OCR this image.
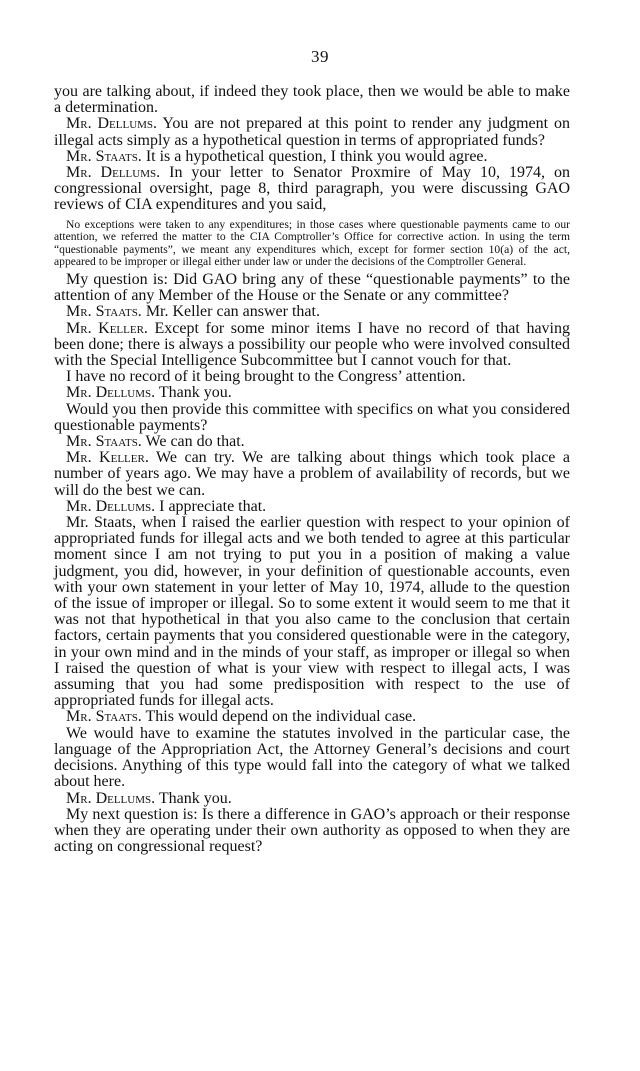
39

you are talking about, if indeed they took place, then we would be able to make a determination.

Mr. Dellums. You are not prepared at this point to render any judgment on illegal acts simply as a hypothetical question in terms of appropriated funds?

Mr. Staats. It is a hypothetical question, I think you would agree.

Mr. Dellums. In your letter to Senator Proxmire of May 10, 1974, on congressional oversight, page 8, third paragraph, you were discussing GAO reviews of CIA expenditures and you said,

No exceptions were taken to any expenditures; in those cases where questionable payments came to our attention, we referred the matter to the CIA Comptroller’s Office for corrective action. In using the term “questionable payments”, we meant any expenditures which, except for former section 10(a) of the act, appeared to be improper or illegal either under law or under the decisions of the Comptroller General.

My question is: Did GAO bring any of these “questionable payments” to the attention of any Member of the House or the Senate or any committee?

Mr. Staats. Mr. Keller can answer that.

Mr. Keller. Except for some minor items I have no record of that having been done; there is always a possibility our people who were involved consulted with the Special Intelligence Subcommittee but I cannot vouch for that.

I have no record of it being brought to the Congress’ attention.

Mr. Dellums. Thank you.

Would you then provide this committee with specifics on what you considered questionable payments?

Mr. Staats. We can do that.

Mr. Keller. We can try. We are talking about things which took place a number of years ago. We may have a problem of availability of records, but we will do the best we can.

Mr. Dellums. I appreciate that.

Mr. Staats, when I raised the earlier question with respect to your opinion of appropriated funds for illegal acts and we both tended to agree at this particular moment since I am not trying to put you in a position of making a value judgment, you did, however, in your definition of questionable accounts, even with your own statement in your letter of May 10, 1974, allude to the question of the issue of improper or illegal. So to some extent it would seem to me that it was not that hypothetical in that you also came to the conclusion that certain factors, certain payments that you considered questionable were in the category, in your own mind and in the minds of your staff, as improper or illegal so when I raised the question of what is your view with respect to illegal acts, I was assuming that you had some predisposition with respect to the use of appropriated funds for illegal acts.

Mr. Staats. This would depend on the individual case.

We would have to examine the statutes involved in the particular case, the language of the Appropriation Act, the Attorney General’s decisions and court decisions. Anything of this type would fall into the category of what we talked about here.

Mr. Dellums. Thank you.

My next question is: Is there a difference in GAO’s approach or their response when they are operating under their own authority as opposed to when they are acting on congressional request?
